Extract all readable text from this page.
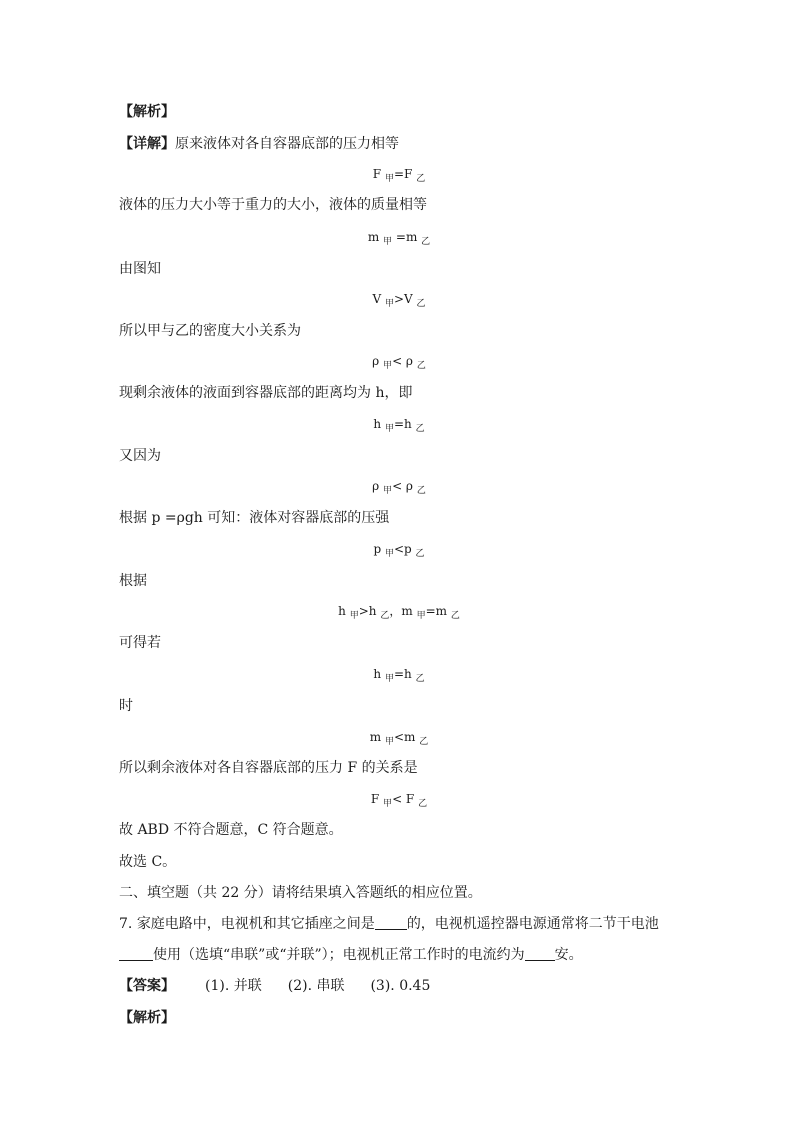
【解析】
【详解】原来液体对各自容器底部的压力相等
F $_甲$=F $_乙$
液体的压力大小等于重力的大小，液体的质量相等
m $_甲$ =m $_乙$
由图知
V $_甲$>V $_乙$
所以甲与乙的密度大小关系为
ρ $_甲$< ρ $_乙$
现剩余液体的液面到容器底部的距离均为 h，即
h $_甲$=h $_乙$
又因为
ρ $_甲$< ρ $_乙$
根据 p =ρgh 可知：液体对容器底部的压强
p $_甲$<p $_乙$
根据
h $_甲$>h $_乙$，m $_甲$=m $_乙$
可得若
h $_甲$=h $_乙$
时
m $_甲$<m $_乙$
所以剩余液体对各自容器底部的压力 F 的关系是
F $_甲$< F $_乙$
故 ABD 不符合题意，C 符合题意。
故选 C。
二、填空题（共 22 分）请将结果填入答题纸的相应位置。
7. 家庭电路中，电视机和其它插座之间是 的，电视机遥控器电源通常将二节干电池
使用（选填“串联”或“并联”）；电视机正常工作时的电流约为 安。
【答案】 (1). 并联 (2). 串联 (3). 0.45
【解析】
